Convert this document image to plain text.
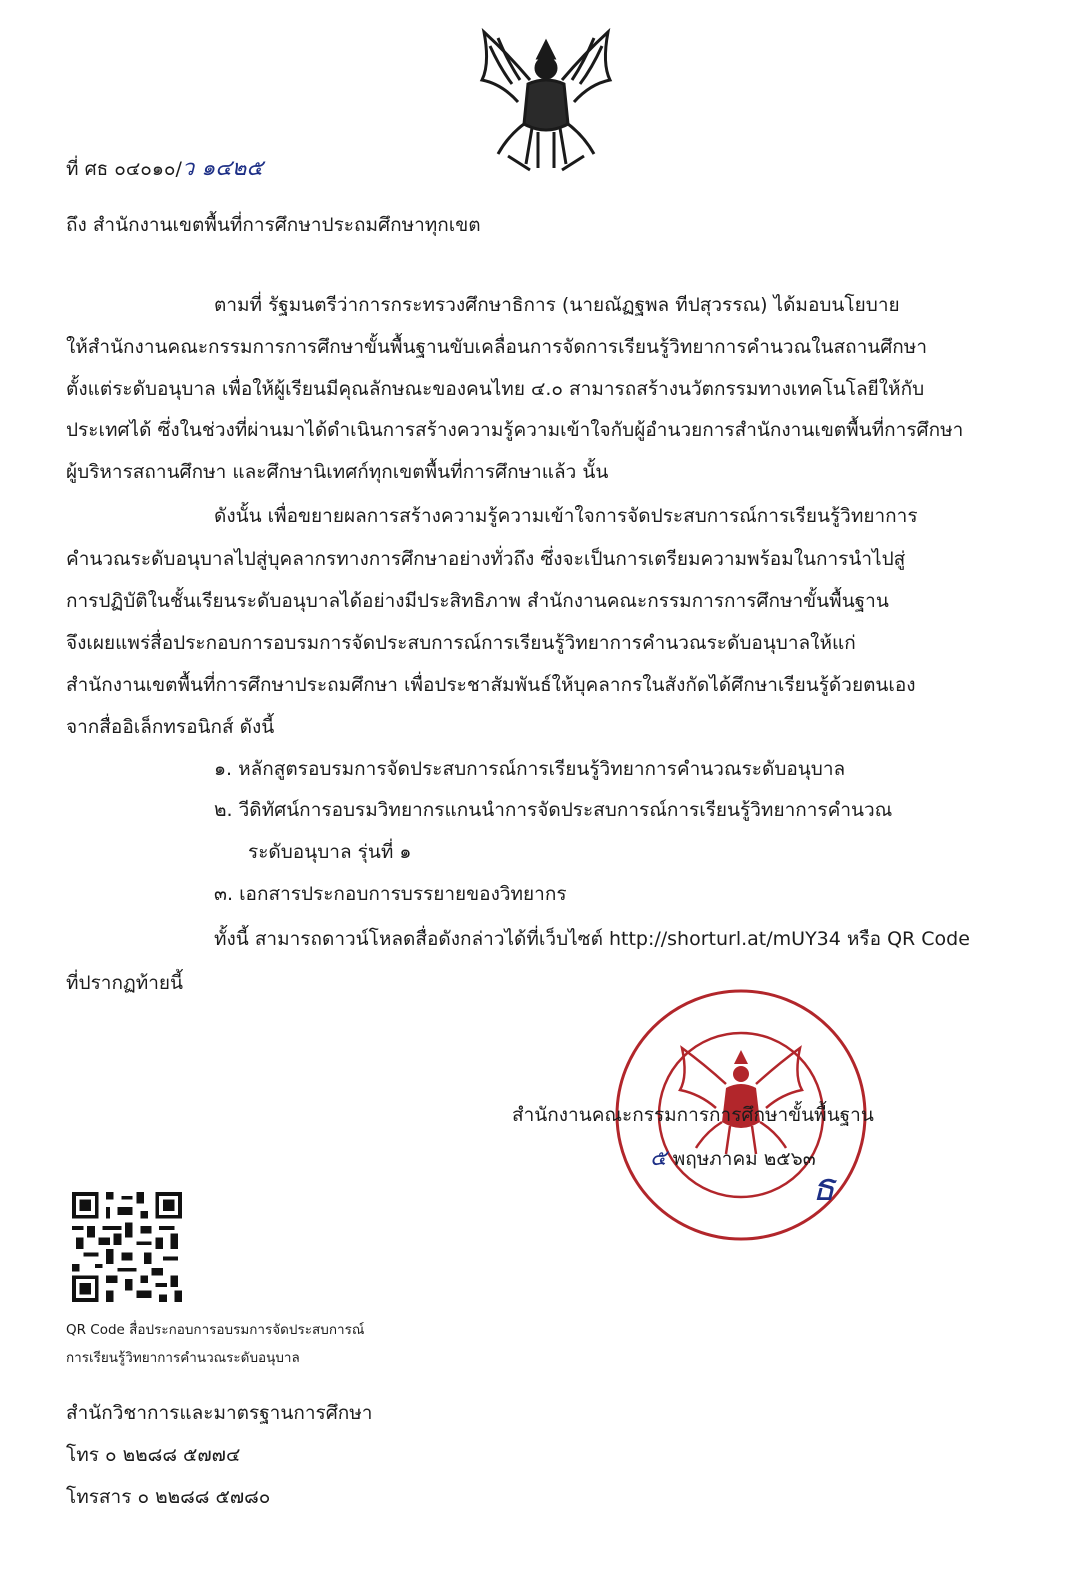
ที่ ศธ ๐๔๐๑๐/ว ๑๔๒๕
ถึง สำนักงานเขตพื้นที่การศึกษาประถมศึกษาทุกเขต
ตามที่ รัฐมนตรีว่าการกระทรวงศึกษาธิการ (นายณัฏฐพล ทีปสุวรรณ) ได้มอบนโยบาย
ให้สำนักงานคณะกรรมการการศึกษาขั้นพื้นฐานขับเคลื่อนการจัดการเรียนรู้วิทยาการคำนวณในสถานศึกษา
ตั้งแต่ระดับอนุบาล เพื่อให้ผู้เรียนมีคุณลักษณะของคนไทย ๔.๐ สามารถสร้างนวัตกรรมทางเทคโนโลยีให้กับ
ประเทศได้ ซึ่งในช่วงที่ผ่านมาได้ดำเนินการสร้างความรู้ความเข้าใจกับผู้อำนวยการสำนักงานเขตพื้นที่การศึกษา
ผู้บริหารสถานศึกษา และศึกษานิเทศก์ทุกเขตพื้นที่การศึกษาแล้ว นั้น
ดังนั้น เพื่อขยายผลการสร้างความรู้ความเข้าใจการจัดประสบการณ์การเรียนรู้วิทยาการ
คำนวณระดับอนุบาลไปสู่บุคลากรทางการศึกษาอย่างทั่วถึง ซึ่งจะเป็นการเตรียมความพร้อมในการนำไปสู่
การปฏิบัติในชั้นเรียนระดับอนุบาลได้อย่างมีประสิทธิภาพ สำนักงานคณะกรรมการการศึกษาขั้นพื้นฐาน
จึงเผยแพร่สื่อประกอบการอบรมการจัดประสบการณ์การเรียนรู้วิทยาการคำนวณระดับอนุบาลให้แก่
สำนักงานเขตพื้นที่การศึกษาประถมศึกษา เพื่อประชาสัมพันธ์ให้บุคลากรในสังกัดได้ศึกษาเรียนรู้ด้วยตนเอง
จากสื่ออิเล็กทรอนิกส์ ดังนี้
๑. หลักสูตรอบรมการจัดประสบการณ์การเรียนรู้วิทยาการคำนวณระดับอนุบาล
๒. วีดิทัศน์การอบรมวิทยากรแกนนำการจัดประสบการณ์การเรียนรู้วิทยาการคำนวณ
ระดับอนุบาล รุ่นที่ ๑
๓. เอกสารประกอบการบรรยายของวิทยากร
ทั้งนี้ สามารถดาวน์โหลดสื่อดังกล่าวได้ที่เว็บไซต์ http://shorturl.at/mUY34 หรือ QR Code
ที่ปรากฏท้ายนี้
สำนักงานคณะกรรมการการศึกษาขั้นพื้นฐาน
๕ พฤษภาคม ๒๕๖๓
ธ
QR Code สื่อประกอบการอบรมการจัดประสบการณ์
การเรียนรู้วิทยาการคำนวณระดับอนุบาล
สำนักวิชาการและมาตรฐานการศึกษา
โทร ๐ ๒๒๘๘ ๕๗๗๔
โทรสาร ๐ ๒๒๘๘ ๕๗๘๐
